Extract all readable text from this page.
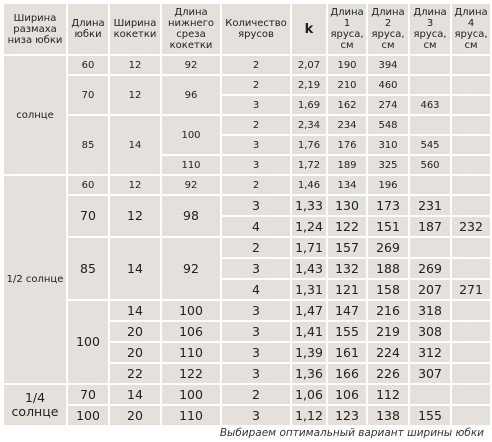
Ширина размаха низа юбки	Длина юбки	Ширина кокетки	Длина нижнего среза кокетки	Количество ярусов	k	Длина 1 яруса, см	Длина 2 яруса, см	Длина 3 яруса, см	Длина 4 яруса, см
солнце	60	12	92	2	2,07	190	394		
	70	12	96	2	2,19	210	460		
				3	1,69	162	274	463	
	85	14	100	2	2,34	234	548		
				3	1,76	176	310	545	
			110	3	1,72	189	325	560	
1/2 солнце	60	12	92	2	1,46	134	196		
	70	12	98	3	1,33	130	173	231	
				4	1,24	122	151	187	232
	85	14	92	2	1,71	157	269		
				3	1,43	132	188	269	
				4	1,31	121	158	207	271
	100	14	100	3	1,47	147	216	318	
		20	106	3	1,41	155	219	308	
		20	110	3	1,39	161	224	312	
		22	122	3	1,36	166	226	307	
1/4 солнце	70	14	100	2	1,06	106	112		
	100	20	110	3	1,12	123	138	155	
Выбираем оптимальный вариант ширины юбки
